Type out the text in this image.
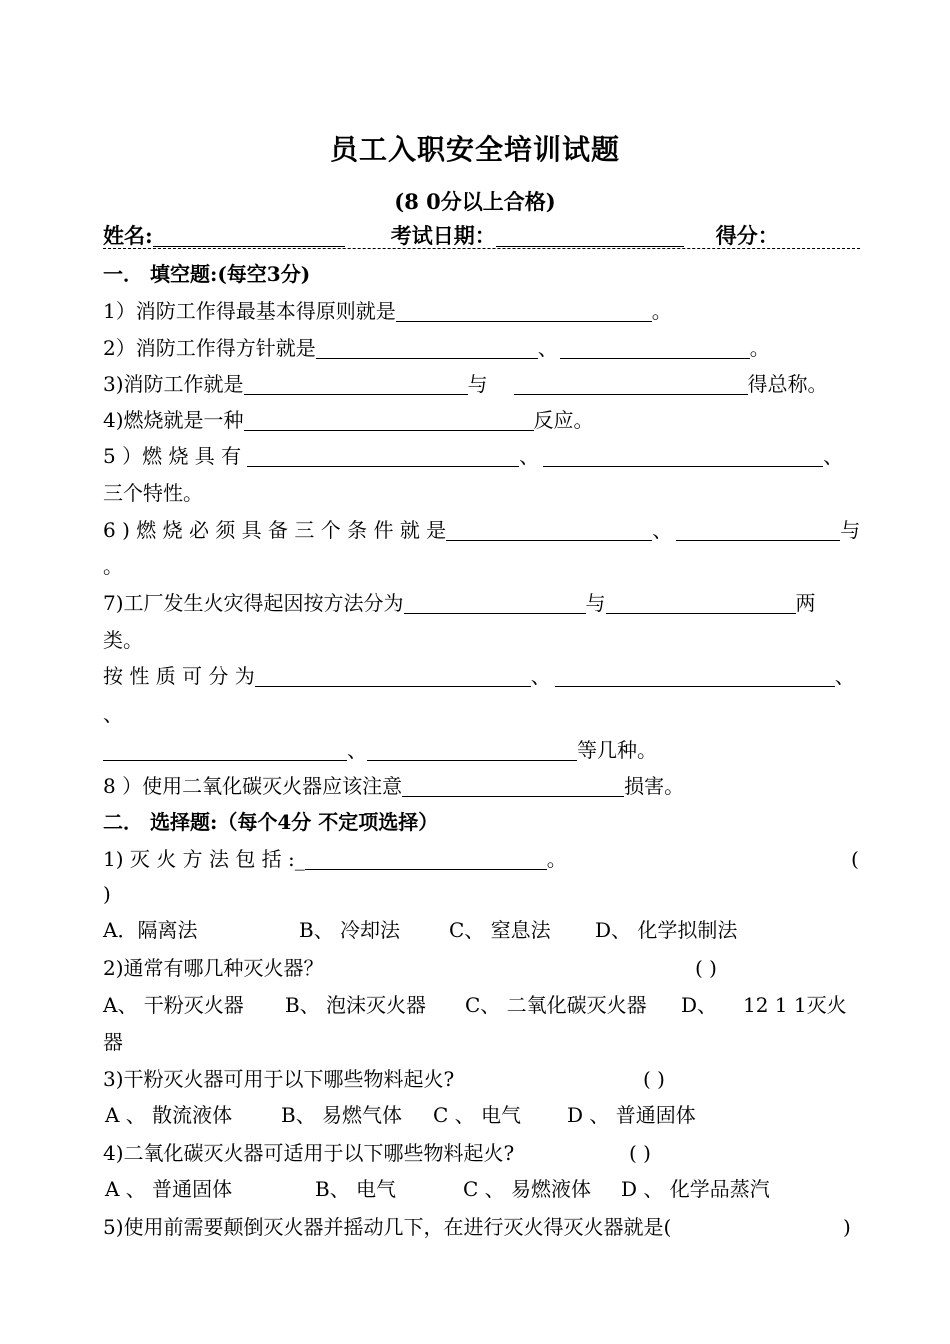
员工入职安全培训试题
(8 0分以上合格)
姓名:	考试日期：	得分：
一． 填空题:(每空3分)
1）消防工作得最基本得原则就是	。
2）消防工作得方针就是	、	。
3)消防工作就是	与	得总称。
4)燃烧就是一种	反应。
5 ）燃 烧 具 有	、	、
三个特性。
6 ) 燃 烧 必 须 具 备 三 个 条 件 就 是	、	与
。
7)工厂发生火灾得起因按方法分为	与	两
类。
按 性 质 可 分 为	、	、
、
、	等几种。
8 ）使用二氧化碳灭火器应该注意	损害。
二． 选择题:（每个4分 不定项选择）
1) 灭 火 方 法 包 括 :_	。	(
)
A．隔离法	B、 冷却法 C、 窒息法 D、 化学拟制法
2)通常有哪几种灭火器？	( )
A、 干粉灭火器 B、 泡沫灭火器 C、 二氧化碳灭火器 D、 12 1 1灭火
器
3)干粉灭火器可用于以下哪些物料起火?	( )
A 、 散流液体 B、 易燃气体 C 、 电气 D 、 普通固体
4)二氧化碳灭火器可适用于以下哪些物料起火?	( )
A 、 普通固体	B、 电气	C 、 易燃液体 D 、 化学品蒸汽
5)使用前需要颠倒灭火器并摇动几下，在进行灭火得灭火器就是(	)
